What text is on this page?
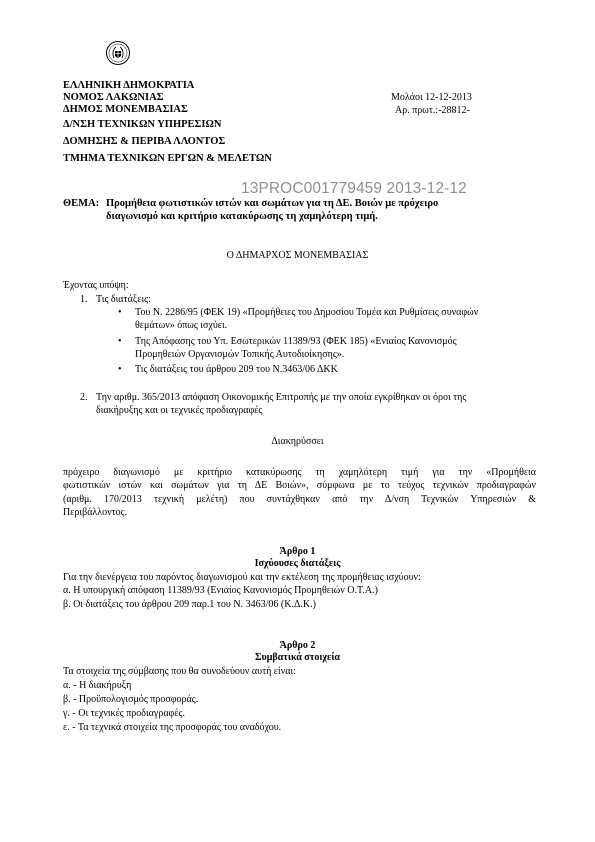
ΕΛΛΗΝΙΚΗ ΔΗΜΟΚΡΑΤΙΑ
ΝΟΜΟΣ ΛΑΚΩΝΙΑΣ
ΔΗΜΟΣ ΜΟΝΕΜΒΑΣΙΑΣ
Δ/ΝΣΗ ΤΕΧΝΙΚΩΝ ΥΠΗΡΕΣΙΩΝ
ΔΟΜΗΣΗΣ & ΠΕΡΙΒΑ ΛΛΟΝΤΟΣ
ΤΜΗΜΑ ΤΕΧΝΙΚΩΝ ΕΡΓΩΝ & ΜΕΛΕΤΩΝ
Μολάοι 12-12-2013
Αρ. πρωτ.:-28812-
13PROC001779459 2013-12-12
ΘΕΜΑ: Προμήθεια φωτιστικών ιστών και σωμάτων για τη ΔΕ. Βοιών με πρόχειρο
διαγωνισμό και κριτήριο κατακύρωσης τη χαμηλότερη τιμή.
Ο ΔΗΜΑΡΧΟΣ ΜΟΝΕΜΒΑΣΙΑΣ
Έχοντας υπόψη:
1. Τις διατάξεις:
• Του Ν. 2286/95 (ΦΕΚ 19) «Προμήθειες του Δημοσίου Τομέα και Ρυθμίσεις συναφών
θεμάτων» όπως ισχύει.
• Της Απόφασης του Υπ. Εσωτερικών 11389/93 (ΦΕΚ 185) «Ενιαίος Κανονισμός
Προμηθειών Οργανισμών Τοπικής Αυτοδιοίκησης».
• Τις διατάξεις του άρθρου 209 του Ν.3463/06 ΔΚΚ
2. Την αριθμ. 365/2013 απόφαση Οικονομικής Επιτροπής με την οποία εγκρίθηκαν οι όροι της
διακήρυξης και οι τεχνικές προδιαγραφές
Διακηρύσσει
πρόχειρο διαγωνισμό με κριτήριο κατακύρωσης τη χαμηλότερη τιμή για την «Προμήθεια
φωτιστικών ιστών και σωμάτων για τη ΔΕ Βοιών», σύμφωνα με το τεύχος τεχνικών προδιαγραφών
(αριθμ. 170/2013 τεχνική μελέτη) που συντάχθηκαν από την Δ/νση Τεχνικών Υπηρεσιών &
Περιβάλλοντος.
Άρθρο 1
Ισχύουσες διατάξεις
Για την διενέργεια του παρόντος διαγωνισμού και την εκτέλεση της προμήθειας ισχύουν:
α. Η υπουργική απόφαση 11389/93 (Ενιαίος Κανονισμός Προμηθειών Ο.Τ.Α.)
β. Οι διατάξεις του άρθρου 209 παρ.1 του Ν. 3463/06 (Κ.Δ.Κ.)
Άρθρο 2
Συμβατικά στοιχεία
Τα στοιχεία της σύμβασης που θα συνοδεύουν αυτή είναι:
α. - Η διακήρυξη
β. - Προϋπολογισμός προσφοράς.
γ. - Οι τεχνικές προδιαγραφές.
ε. - Τα τεχνικά στοιχεία της προσφοράς του αναδόχου.
